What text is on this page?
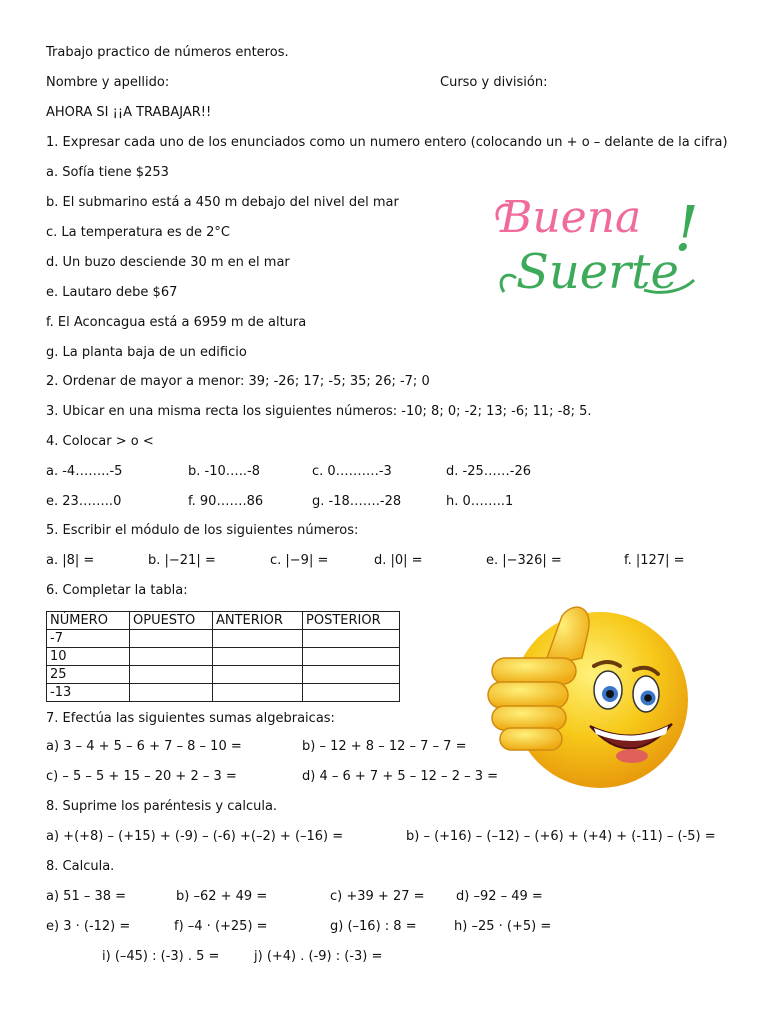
Trabajo practico de números enteros.
Nombre y apellido:	Curso y división:
AHORA SI ¡¡A TRABAJAR!!
1. Expresar cada uno de los enunciados como un numero entero (colocando un + o – delante de la cifra)
a. Sofía tiene $253
b. El submarino está a 450 m debajo del nivel del mar
c. La temperatura es de 2°C
d. Un buzo desciende 30 m en el mar
e. Lautaro debe $67
f. El Aconcagua está a 6959 m de altura
g. La planta baja de un edificio
2. Ordenar de mayor a menor: 39; -26; 17; -5; 35; 26; -7; 0
3. Ubicar en una misma recta los siguientes números: -10; 8; 0; -2; 13; -6; 11; -8; 5.
4. Colocar > o <
a. -4……..-5	b. -10…..-8	c. 0……….-3	d. -25……-26
e. 23……..0	f. 90…….86	g. -18…….-28	h. 0……..1
5. Escribir el módulo de los siguientes números:
a. |8| =	b. |−21| =	c. |−9| =	d. |0| =	e. |−326| =	f. |127| =
6. Completar la tabla:
NÚMERO	OPUESTO	ANTERIOR	POSTERIOR
-7			
10			
25			
-13			
7. Efectúa las siguientes sumas algebraicas:
a) 3 – 4 + 5 – 6 + 7 – 8 – 10 =	b) – 12 + 8 – 12 – 7 – 7 =
c) – 5 – 5 + 15 – 20 + 2 – 3 =	d) 4 – 6 + 7 + 5 – 12 – 2 – 3 =
8. Suprime los paréntesis y calcula.
a) +(+8) – (+15) + (-9) – (-6) +(–2) + (–16) =	b) – (+16) – (–12) – (+6) + (+4) + (-11) – (-5) =
8. Calcula.
a) 51 – 38 =	b) –62 + 49 =	c) +39 + 27 = d) –92 – 49 =
e) 3 · (-12) =	f) –4 · (+25) =	g) (–16) : 8 =	h) –25 · (+5) =
i) (–45) : (-3) . 5 =	j) (+4) . (-9) : (-3) =
Buena
Suerte
!
